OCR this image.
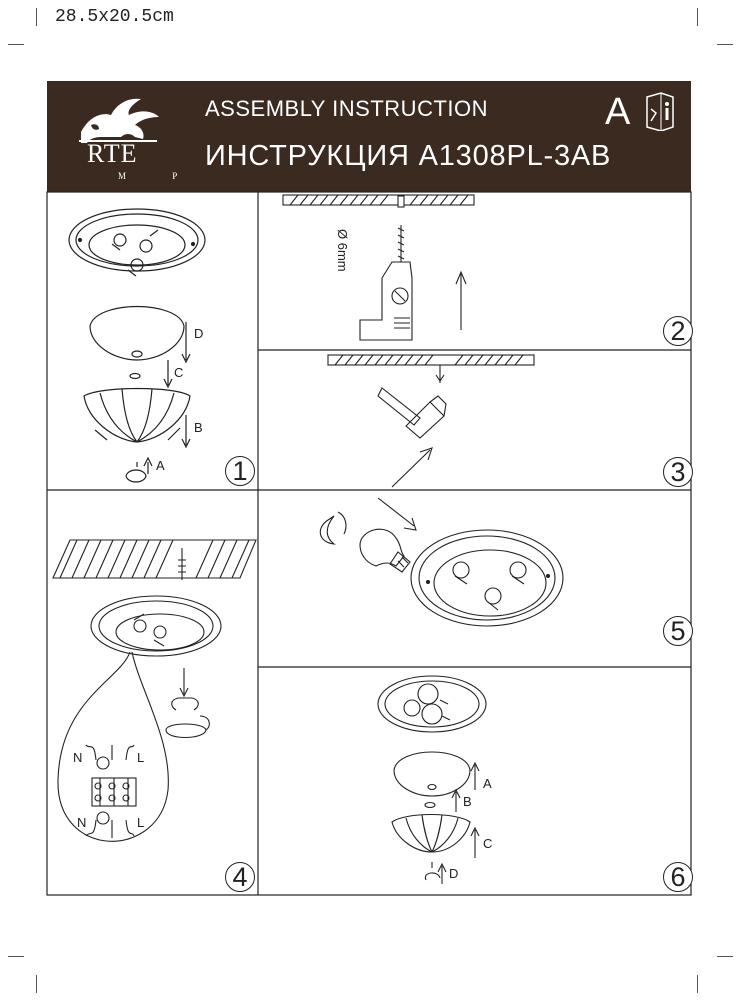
28.5x20.5cm
RTE
M P
ASSEMBLY INSTRUCTION
ИНСТРУКЦИЯ A1308PL-3AB
A
D
C
B
A
Ø 6mm
N	L
N	L
A
B
C
D
1
2
3
4
5
6
